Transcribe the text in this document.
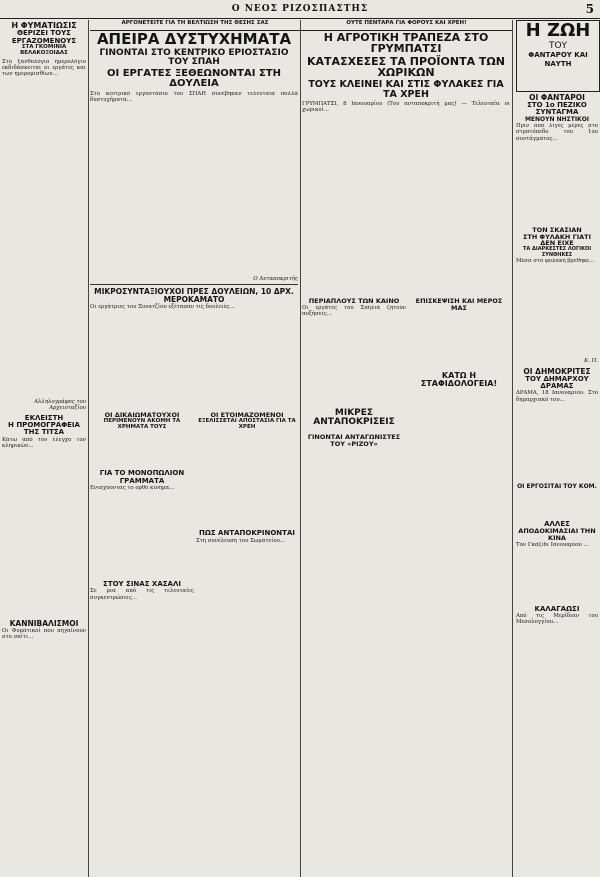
Ο ΝΕΟΣ ΡΙΖΟΣΠΑΣΤΗΣ	5
Η ΦΥΜΑΤΙΩΣΙΣ
ΘΕΡΙΖΕΙ ΤΟΥΣ ΕΡΓΑΖΟΜΕΝΟΥΣ
ΣΤΑ ΓΚΟΜΙΝΙΑ ΒΕΛΑΚΟΞΟΙΔΑΣ
Στο ξανθολόγιο ημερολόγιο εκδιδάσκειται οι εργάτες και των ημερομισθίων...
Αλληλογράφος του Αρχειοταξίου
ΕΚΛΕΙΣΤΗ
Η ΠΡΟΜΟΓΡΑΦΕΙΑ ΤΗΣ ΤΙΤΣΑ
Κάτω από τον έλεγχο τον κληρικών...
ΚΑΝΝΙΒΑΛΙΣΜΟΙ
Οι Φυματικοί που πηγαίνουν στο σπίτι...
ΑΡΓΟΝΕΤΕΙΤΕ ΓΙΑ ΤΗ ΒΕΛΤΙΩΣΗ ΤΗΣ ΘΕΣΗΣ ΣΑΣ	ΟΥΤΕ ΠΕΝΤΑΡΑ ΓΙΑ ΦΟΡΟΥΣ ΚΑΙ ΧΡΕΗ!
ΑΠΕΙΡΑ ΔΥΣΤΥΧΗΜΑΤΑ
ΓΙΝΟΝΤΑΙ ΣΤΟ ΚΕΝΤΡΙΚΟ ΕΡΙΟΣΤΑΣΙΟ ΤΟΥ ΣΠΑΗ
ΟΙ ΕΡΓΑΤΕΣ ΞΕΘΕΩΝΟΝΤΑΙ ΣΤΗ ΔΟΥΛΕΙΑ
Στο κεντρικό εργοστάσιο του ΣΠΑΗ συνέβηκαν τελευταία πολλά δυστυχήματα...
Ο Ανταποκριτής
Η ΑΓΡΟΤΙΚΗ ΤΡΑΠΕΖΑ ΣΤΟ ΓΡΥΜΠΑΤΣΙ
ΚΑΤΑΣΧΕΣΕΣ ΤΑ ΠΡΟΪΟΝΤΑ ΤΩΝ ΧΩΡΙΚΩΝ
ΤΟΥΣ ΚΛΕΙΝΕΙ ΚΑΙ ΣΤΙΣ ΦΥΛΑΚΕΣ ΓΙΑ ΤΑ ΧΡΕΗ
ΓΡΥΜΠΑΤΣΙ, 8 Ιανουαρίου (Του ανταποκριτή μας) — Τελευταία οι χωρικοί...
ΜΙΚΡΟΣΥΝΤΑΞΙΟΥΧΟΙ ΠΡΕΣ ΔΟΥΛΕΙΩΝ, 10 ΔΡΧ. ΜΕΡΟΚΑΜΑΤΟ
Οι εργάτριες του Ξυνατζίου εξέτασαν τις δουλειές...
ΠΕΡΙΑΠΛΟΥΣ ΤΩΝ ΚΑΙΝΟ
Οι εργάτες του Σπηλιά ζητούν αυξήσεις...
ΜΙΚΡΕΣ ΑΝΤΑΠΟΚΡΙΣΕΙΣ
ΓΙΝΟΝΤΑΙ ΑΝΤΑΓΩΝΙΣΤΕΣ ΤΟΥ «ΡΙΖΟΥ»
ΕΠΙΣΚΕΨΙΣΗ ΚΑΙ ΜΕΡΟΣ ΜΑΣ
ΚΑΤΩ Η ΣΤΑΦΙΔΟΛΟΓΕΙΑ!
ΟΙ ΔΙΚΑΙΩΜΑΤΟΥΧΟΙ
ΠΕΡΙΜΕΝΟΥΝ ΑΚΟΜΗ ΤΑ ΧΡΗΜΑΤΑ ΤΟΥΣ
ΓΙΑ ΤΟ ΜΟΝΟΠΩΛΙΟΝ ΓΡΑΜΜΑΤΑ
Ενισχύοντας το ορθό κίνημα...
ΣΤΟΥ ΣΙΝΑΣ ΧΑΣΑΛΙ
Σε μια από τις τελευταίες συγκεντρώσεις...
ΟΙ ΕΤΟΙΜΑΖΟΜΕΝΟΙ
ΕΞΕΛΙΣΣΕΤΑΙ ΑΠΟΣΤΑΣΙΑ ΓΙΑ ΤΑ ΧΡΕΗ
ΠΩΣ ΑΝΤΑΠΟΚΡΙΝΟΝΤΑΙ
Στη συνέλευση του Σωματείου...
Η ΖΩΗ
ΤΟΥ
ΦΑΝΤΑΡΟΥ ΚΑΙ ΝΑΥΤΗ
ΟΙ ΦΑΝΤΑΡΟΙ
ΣΤΟ 1ο ΠΕΖΙΚΟ ΣΥΝΤΑΓΜΑ
ΜΕΝΟΥΝ ΝΗΣΤΙΚΟΙ
Πριν από λίγες μέρες στο στρατόπεδο του 1ου συντάγματος...
ΤΟΝ ΣΚΑΣΙΑΝ
ΣΤΗ ΦΥΛΑΚΗ ΓΙΑΤΙ ΔΕΝ ΕΙΧΕ
ΤΑ ΔΙΑΡΚΕΣΤΕΣ ΛΟΓΙΚΟΙ ΣΥΝΘΗΚΕΣ
Μέσα στο φυλακή βρεθηκε...
Κ. Π.
ΟΙ ΔΗΜΟΚΡΙΤΕΣ
ΤΟΥ ΔΗΜΑΡΧΟΥ ΔΡΑΜΑΣ
ΔΡΑΜΑ, 18 Ιανουαρίου. Στο δημαρχιακό του...
ΟΙ ΕΡΓΟΣΙΤΑΙ ΤΟΥ ΚΟΜ.
ΑΛΛΕΣ
ΑΠΟΔΟΚΙΜΑΣΙΑΙ ΤΗΝ ΚΙΝΑ
Τον Γκάζιδι Ιανουαρίου ...
ΚΑΛΑΓΑΩΣΙ
Από τις Μερίδιαν του Μεσολογγίου...
